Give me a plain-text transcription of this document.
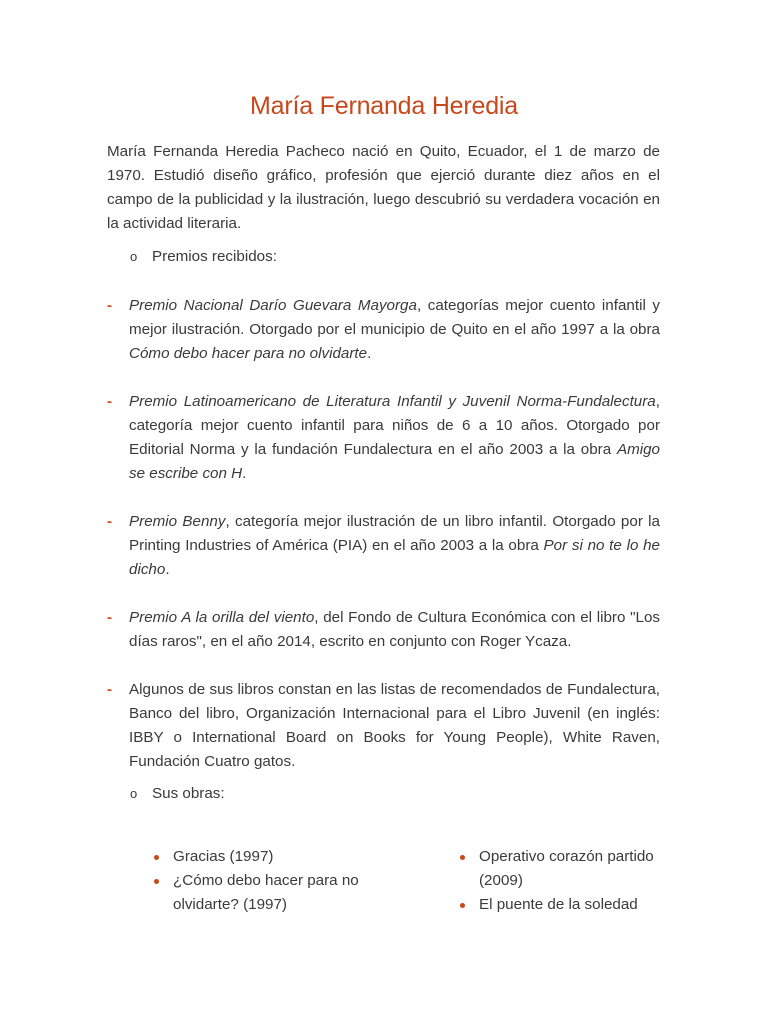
María Fernanda Heredia

María Fernanda Heredia Pacheco nació en Quito, Ecuador, el 1 de marzo de 1970. Estudió diseño gráfico, profesión que ejerció durante diez años en el campo de la publicidad y la ilustración, luego descubrió su verdadera vocación en la actividad literaria.

o Premios recibidos:
- Premio Nacional Darío Guevara Mayorga, categorías mejor cuento infantil y mejor ilustración. Otorgado por el municipio de Quito en el año 1997 a la obra Cómo debo hacer para no olvidarte.
- Premio Latinoamericano de Literatura Infantil y Juvenil Norma-Fundalectura, categoría mejor cuento infantil para niños de 6 a 10 años. Otorgado por Editorial Norma y la fundación Fundalectura en el año 2003 a la obra Amigo se escribe con H.
- Premio Benny, categoría mejor ilustración de un libro infantil. Otorgado por la Printing Industries of América (PIA) en el año 2003 a la obra Por si no te lo he dicho.
- Premio A la orilla del viento, del Fondo de Cultura Económica con el libro "Los días raros", en el año 2014, escrito en conjunto con Roger Ycaza.
- Algunos de sus libros constan en las listas de recomendados de Fundalectura, Banco del libro, Organización Internacional para el Libro Juvenil (en inglés: IBBY o International Board on Books for Young People), White Raven, Fundación Cuatro gatos.
o Sus obras:
Gracias (1997)
¿Cómo debo hacer para no olvidarte? (1997)
Operativo corazón partido (2009)
El puente de la soledad
